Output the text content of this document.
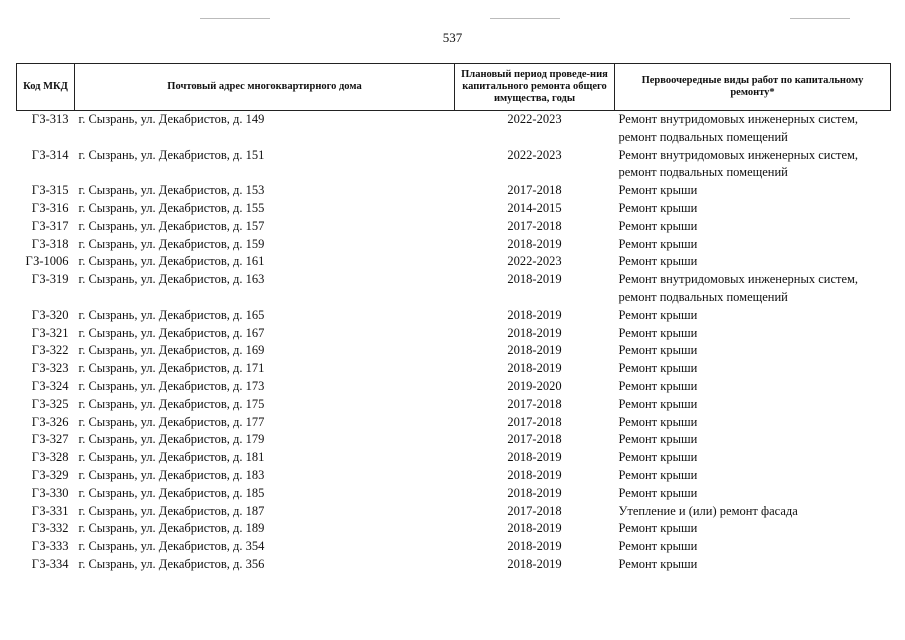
537
Код МКД	Почтовый адрес многоквартирного дома	Плановый период проведе-ния капитального ремонта общего имущества, годы	Первоочередные виды работ по капитальному ремонту*
ГЗ-313	г. Сызрань, ул. Декабристов, д. 149	2022-2023	Ремонт внутридомовых инженерных систем, ремонт подвальных помещений
ГЗ-314	г. Сызрань, ул. Декабристов, д. 151	2022-2023	Ремонт внутридомовых инженерных систем, ремонт подвальных помещений
ГЗ-315	г. Сызрань, ул. Декабристов, д. 153	2017-2018	Ремонт крыши
ГЗ-316	г. Сызрань, ул. Декабристов, д. 155	2014-2015	Ремонт крыши
ГЗ-317	г. Сызрань, ул. Декабристов, д. 157	2017-2018	Ремонт крыши
ГЗ-318	г. Сызрань, ул. Декабристов, д. 159	2018-2019	Ремонт крыши
ГЗ-1006	г. Сызрань, ул. Декабристов, д. 161	2022-2023	Ремонт крыши
ГЗ-319	г. Сызрань, ул. Декабристов, д. 163	2018-2019	Ремонт внутридомовых инженерных систем, ремонт подвальных помещений
ГЗ-320	г. Сызрань, ул. Декабристов, д. 165	2018-2019	Ремонт крыши
ГЗ-321	г. Сызрань, ул. Декабристов, д. 167	2018-2019	Ремонт крыши
ГЗ-322	г. Сызрань, ул. Декабристов, д. 169	2018-2019	Ремонт крыши
ГЗ-323	г. Сызрань, ул. Декабристов, д. 171	2018-2019	Ремонт крыши
ГЗ-324	г. Сызрань, ул. Декабристов, д. 173	2019-2020	Ремонт крыши
ГЗ-325	г. Сызрань, ул. Декабристов, д. 175	2017-2018	Ремонт крыши
ГЗ-326	г. Сызрань, ул. Декабристов, д. 177	2017-2018	Ремонт крыши
ГЗ-327	г. Сызрань, ул. Декабристов, д. 179	2017-2018	Ремонт крыши
ГЗ-328	г. Сызрань, ул. Декабристов, д. 181	2018-2019	Ремонт крыши
ГЗ-329	г. Сызрань, ул. Декабристов, д. 183	2018-2019	Ремонт крыши
ГЗ-330	г. Сызрань, ул. Декабристов, д. 185	2018-2019	Ремонт крыши
ГЗ-331	г. Сызрань, ул. Декабристов, д. 187	2017-2018	Утепление и (или) ремонт фасада
ГЗ-332	г. Сызрань, ул. Декабристов, д. 189	2018-2019	Ремонт крыши
ГЗ-333	г. Сызрань, ул. Декабристов, д. 354	2018-2019	Ремонт крыши
ГЗ-334	г. Сызрань, ул. Декабристов, д. 356	2018-2019	Ремонт крыши
